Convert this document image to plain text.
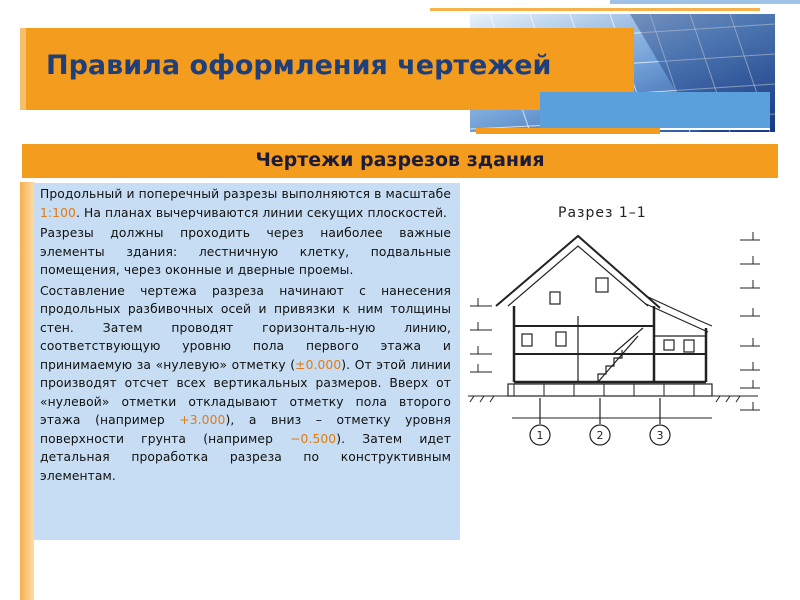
Правила оформления чертежей
Чертежи разрезов здания

Продольный и поперечный разрезы выполняются в масштабе 1:100. На планах вычерчиваются линии секущих плоскостей.

Разрезы должны проходить через наиболее важные элементы здания: лестничную клетку, подвальные помещения, через оконные и дверные проемы.

Составление чертежа разреза начинают с нанесения продольных разбивочных осей и привязки к ним толщины стен. Затем проводят горизонталь-ную линию, соответствующую уровню пола первого этажа и принимаемую за «нулевую» отметку (±0.000). От этой линии производят отсчет всех вертикальных размеров. Вверх от «нулевой» отметки откладывают отметку пола второго этажа (например +3.000), а вниз – отметку уровня поверхности грунта (например −0.500). Затем идет детальная проработка разреза по конструктивным элементам.

Разрез 1–1
1	2	3
